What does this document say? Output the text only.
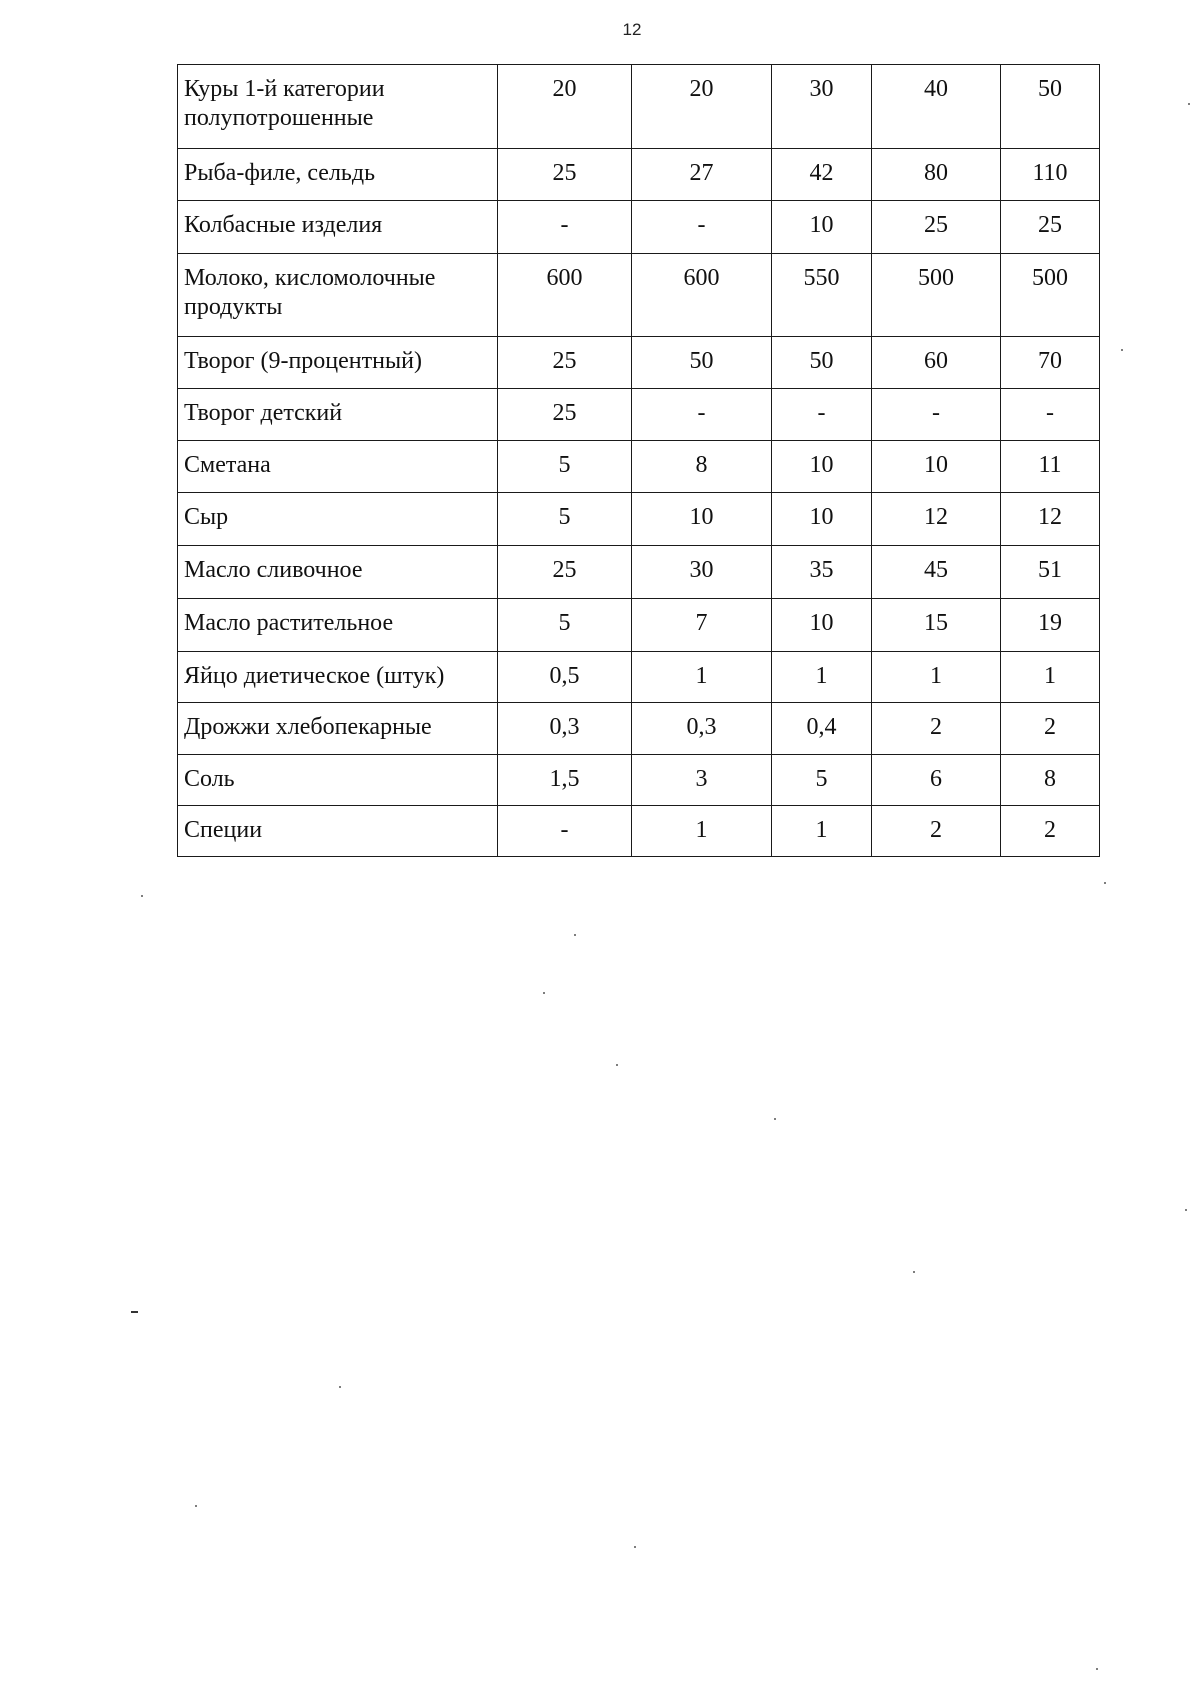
12
Куры 1-й категории полупотрошенные	20	20	30	40	50
Рыба-филе, сельдь	25	27	42	80	110
Колбасные изделия	-	-	10	25	25
Молоко, кисломолочные продукты	600	600	550	500	500
Творог (9-процентный)	25	50	50	60	70
Творог детский	25	-	-	-	-
Сметана	5	8	10	10	11
Сыр	5	10	10	12	12
Масло сливочное	25	30	35	45	51
Масло растительное	5	7	10	15	19
Яйцо диетическое (штук)	0,5	1	1	1	1
Дрожжи хлебопекарные	0,3	0,3	0,4	2	2
Соль	1,5	3	5	6	8
Специи	-	1	1	2	2
